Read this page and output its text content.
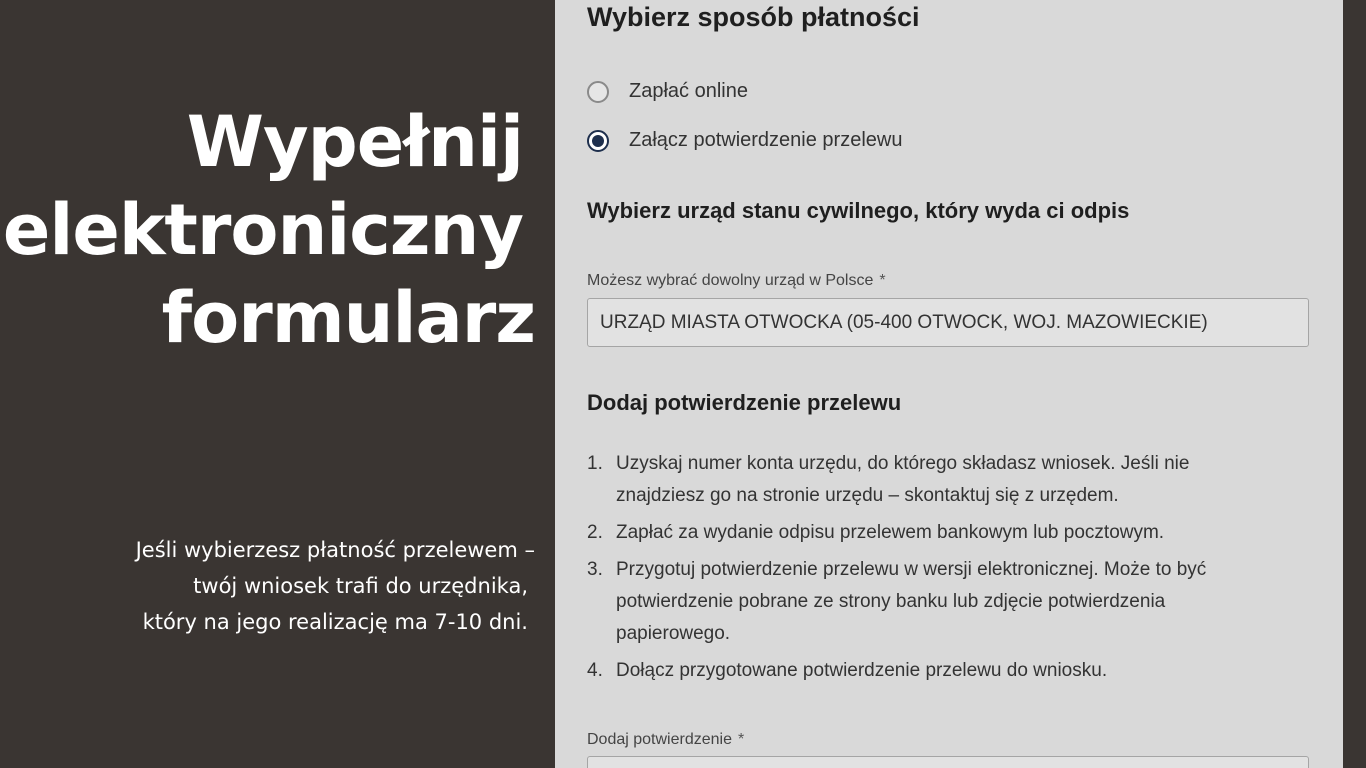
Wypełnij
elektroniczny
formularz

Jeśli wybierzesz płatność przelewem –
twój wniosek trafi do urzędnika,
który na jego realizację ma 7-10 dni.

Wybierz sposób płatności
Zapłać online
Załącz potwierdzenie przelewu
Wybierz urząd stanu cywilnego, który wyda ci odpis
Możesz wybrać dowolny urząd w Polsce *
URZĄD MIASTA OTWOCKA (05-400 OTWOCK, WOJ. MAZOWIECKIE)
Dodaj potwierdzenie przelewu
1. Uzyskaj numer konta urzędu, do którego składasz wniosek. Jeśli nie
znajdziesz go na stronie urzędu – skontaktuj się z urzędem.
2. Zapłać za wydanie odpisu przelewem bankowym lub pocztowym.
3. Przygotuj potwierdzenie przelewu w wersji elektronicznej. Może to być
potwierdzenie pobrane ze strony banku lub zdjęcie potwierdzenia
papierowego.
4. Dołącz przygotowane potwierdzenie przelewu do wniosku.
Dodaj potwierdzenie *
